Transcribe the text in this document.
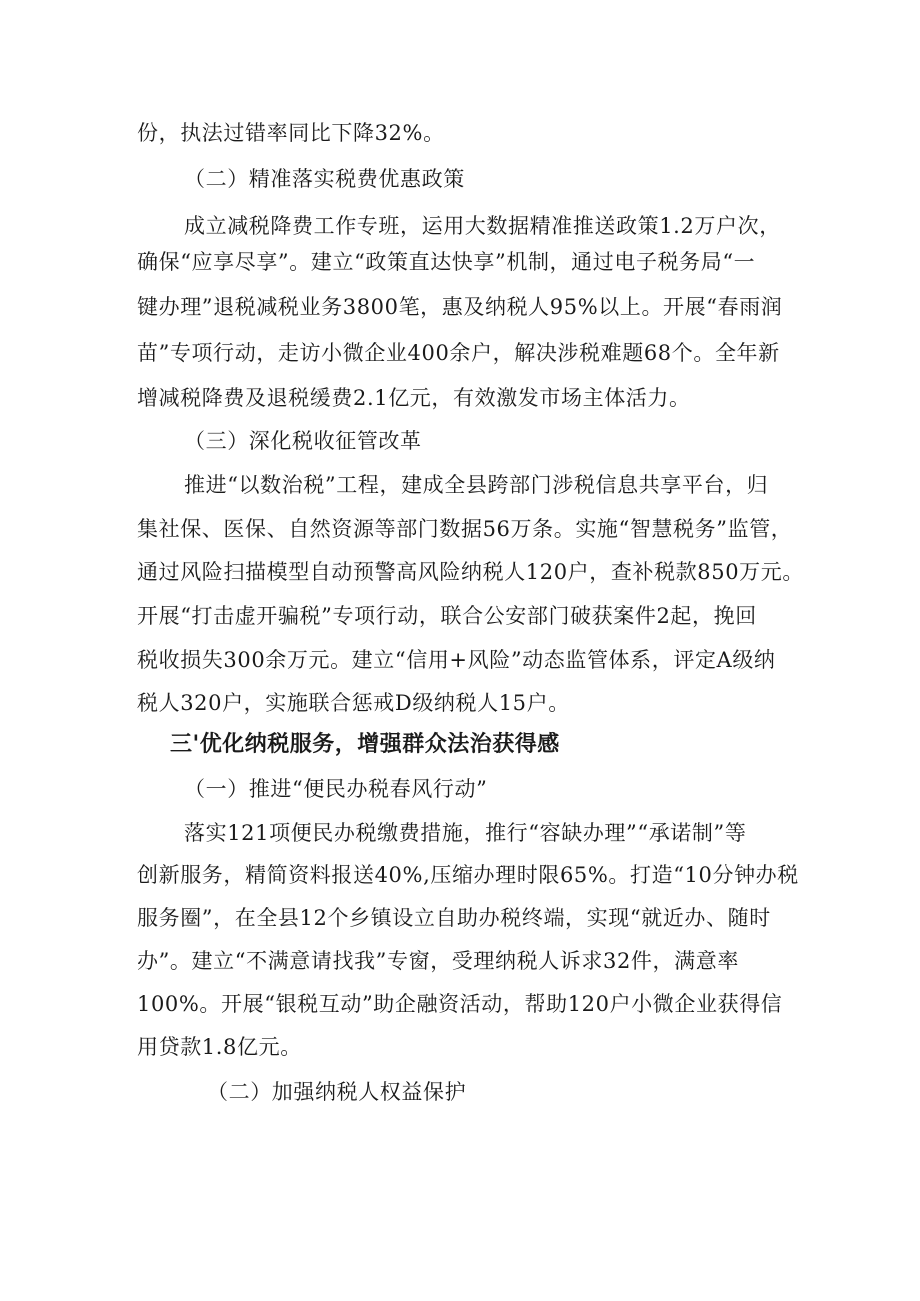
份，执法过错率同比下降32%。
（二）精准落实税费优惠政策
成立减税降费工作专班，运用大数据精准推送政策1.2万户次，
确保“应享尽享”。建立“政策直达快享”机制，通过电子税务局“一
键办理”退税减税业务3800笔，惠及纳税人95%以上。开展“春雨润
苗”专项行动，走访小微企业400余户，解决涉税难题68个。全年新
增减税降费及退税缓费2.1亿元，有效激发市场主体活力。
（三）深化税收征管改革
推进“以数治税”工程，建成全县跨部门涉税信息共享平台，归
集社保、医保、自然资源等部门数据56万条。实施“智慧税务”监管，
通过风险扫描模型自动预警高风险纳税人120户，查补税款850万元。
开展“打击虚开骗税”专项行动，联合公安部门破获案件2起，挽回
税收损失300余万元。建立“信用+风险”动态监管体系，评定A级纳
税人320户，实施联合惩戒D级纳税人15户。
三'优化纳税服务，增强群众法治获得感
（一）推进“便民办税春风行动”
落实121项便民办税缴费措施，推行“容缺办理”“承诺制”等
创新服务，精简资料报送40%,压缩办理时限65%。打造“10分钟办税
服务圈”，在全县12个乡镇设立自助办税终端，实现“就近办、随时
办”。建立“不满意请找我”专窗，受理纳税人诉求32件，满意率
100%。开展“银税互动”助企融资活动，帮助120户小微企业获得信
用贷款1.8亿元。
（二）加强纳税人权益保护
